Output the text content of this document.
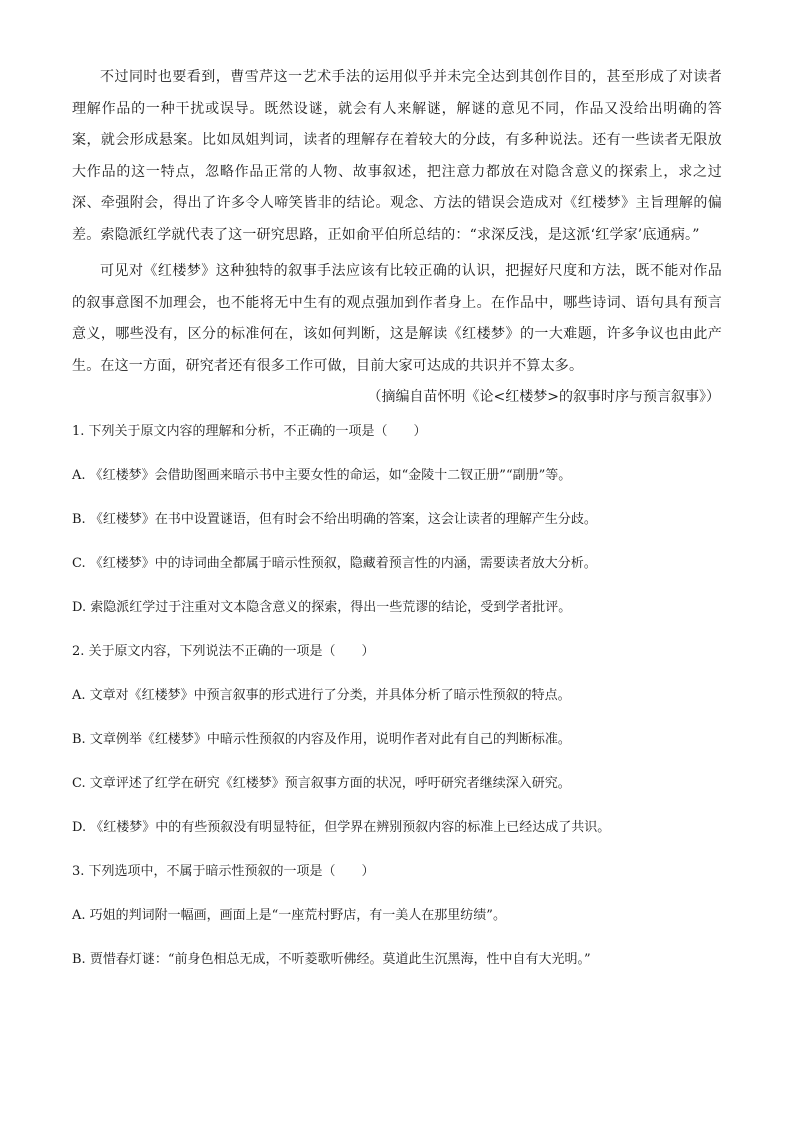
不过同时也要看到，曹雪芹这一艺术手法的运用似乎并未完全达到其创作目的，甚至形成了对读者理解作品的一种干扰或误导。既然设谜，就会有人来解谜，解谜的意见不同，作品又没给出明确的答案，就会形成悬案。比如凤姐判词，读者的理解存在着较大的分歧，有多种说法。还有一些读者无限放大作品的这一特点，忽略作品正常的人物、故事叙述，把注意力都放在对隐含意义的探索上，求之过深、牵强附会，得出了许多令人啼笑皆非的结论。观念、方法的错误会造成对《红楼梦》主旨理解的偏差。索隐派红学就代表了这一研究思路，正如俞平伯所总结的：“求深反浅，是这派‘红学家’底通病。”

可见对《红楼梦》这种独特的叙事手法应该有比较正确的认识，把握好尺度和方法，既不能对作品的叙事意图不加理会，也不能将无中生有的观点强加到作者身上。在作品中，哪些诗词、语句具有预言意义，哪些没有，区分的标准何在，该如何判断，这是解读《红楼梦》的一大难题，许多争议也由此产生。在这一方面，研究者还有很多工作可做，目前大家可达成的共识并不算太多。

（摘编自苗怀明《论<红楼梦>的叙事时序与预言叙事》）

1. 下列关于原文内容的理解和分析，不正确的一项是（　　）

A. 《红楼梦》会借助图画来暗示书中主要女性的命运，如“金陵十二钗正册”“副册”等。

B. 《红楼梦》在书中设置谜语，但有时会不给出明确的答案，这会让读者的理解产生分歧。

C. 《红楼梦》中的诗词曲全都属于暗示性预叙，隐藏着预言性的内涵，需要读者放大分析。

D. 索隐派红学过于注重对文本隐含意义的探索，得出一些荒谬的结论，受到学者批评。

2. 关于原文内容，下列说法不正确的一项是（　　）

A. 文章对《红楼梦》中预言叙事的形式进行了分类，并具体分析了暗示性预叙的特点。

B. 文章例举《红楼梦》中暗示性预叙的内容及作用，说明作者对此有自己的判断标准。

C. 文章评述了红学在研究《红楼梦》预言叙事方面的状况，呼吁研究者继续深入研究。

D. 《红楼梦》中的有些预叙没有明显特征，但学界在辨别预叙内容的标准上已经达成了共识。

3. 下列选项中，不属于暗示性预叙的一项是（　　）

A. 巧姐的判词附一幅画，画面上是“一座荒村野店，有一美人在那里纺绩”。

B. 贾惜春灯谜：“前身色相总无成，不听菱歌听佛经。莫道此生沉黑海，性中自有大光明。”
